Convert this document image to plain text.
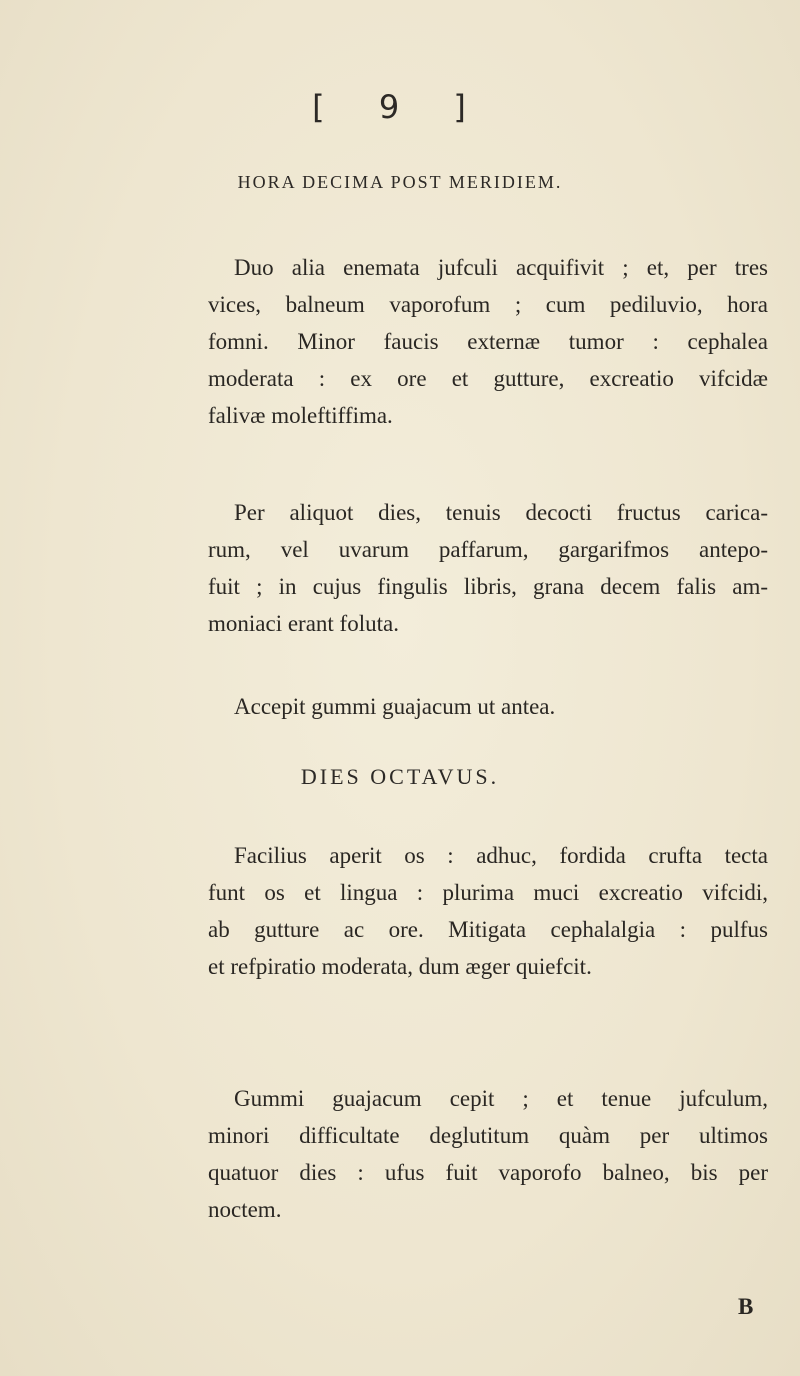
[ 9 ]
HORA DECIMA POST MERIDIEM.
Duo alia enemata jufculi acquifivit ; et, per tres
vices, balneum vaporofum ; cum pediluvio, hora
fomni. Minor faucis externæ tumor : cephalea
moderata : ex ore et gutture, excreatio vifcidæ
falivæ moleftiffima.
Per aliquot dies, tenuis decocti fructus carica-
rum, vel uvarum paffarum, gargarifmos antepo-
fuit ; in cujus fingulis libris, grana decem falis am-
moniaci erant foluta.
Accepit gummi guajacum ut antea.
DIES OCTAVUS.
Facilius aperit os : adhuc, fordida crufta tecta
funt os et lingua : plurima muci excreatio vifcidi,
ab gutture ac ore. Mitigata cephalalgia : pulfus
et refpiratio moderata, dum æger quiefcit.
Gummi guajacum cepit ; et tenue jufculum,
minori difficultate deglutitum quàm per ultimos
quatuor dies : ufus fuit vaporofo balneo, bis per
noctem.
B
